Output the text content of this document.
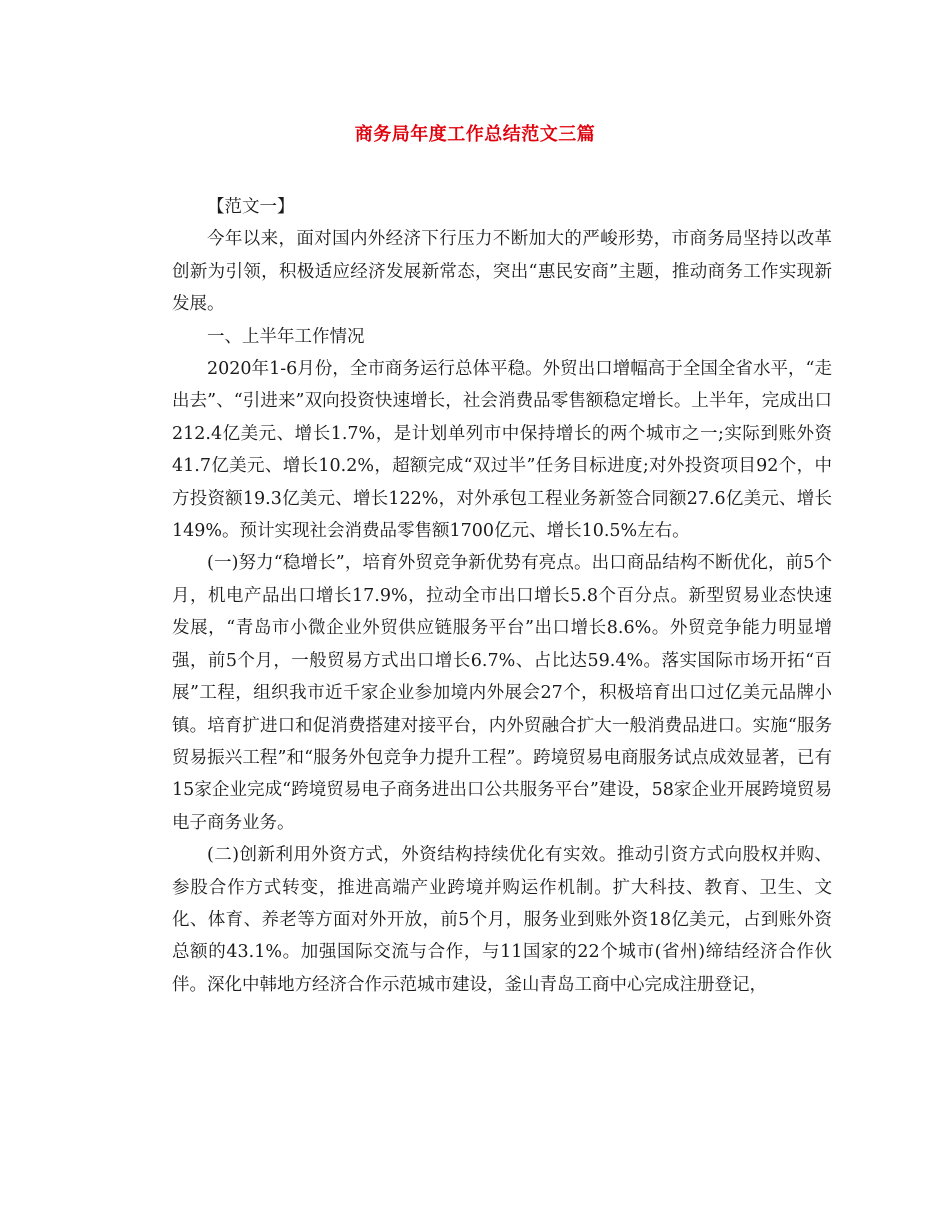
商务局年度工作总结范文三篇

【范文一】

今年以来，面对国内外经济下行压力不断加大的严峻形势，市商务局坚持以改革创新为引领，积极适应经济发展新常态，突出“惠民安商”主题，推动商务工作实现新发展。

一、上半年工作情况

2020年1-6月份，全市商务运行总体平稳。外贸出口增幅高于全国全省水平，“走出去”、“引进来”双向投资快速增长，社会消费品零售额稳定增长。上半年，完成出口212.4亿美元、增长1.7%，是计划单列市中保持增长的两个城市之一;实际到账外资41.7亿美元、增长10.2%，超额完成“双过半”任务目标进度;对外投资项目92个，中方投资额19.3亿美元、增长122%，对外承包工程业务新签合同额27.6亿美元、增长149%。预计实现社会消费品零售额1700亿元、增长10.5%左右。

(一)努力“稳增长”，培育外贸竞争新优势有亮点。出口商品结构不断优化，前5个月，机电产品出口增长17.9%，拉动全市出口增长5.8个百分点。新型贸易业态快速发展，“青岛市小微企业外贸供应链服务平台”出口增长8.6%。外贸竞争能力明显增强，前5个月，一般贸易方式出口增长6.7%、占比达59.4%。落实国际市场开拓“百展”工程，组织我市近千家企业参加境内外展会27个，积极培育出口过亿美元品牌小镇。培育扩进口和促消费搭建对接平台，内外贸融合扩大一般消费品进口。实施“服务贸易振兴工程”和“服务外包竞争力提升工程”。跨境贸易电商服务试点成效显著，已有15家企业完成“跨境贸易电子商务进出口公共服务平台”建设，58家企业开展跨境贸易电子商务业务。

(二)创新利用外资方式，外资结构持续优化有实效。推动引资方式向股权并购、参股合作方式转变，推进高端产业跨境并购运作机制。扩大科技、教育、卫生、文化、体育、养老等方面对外开放，前5个月，服务业到账外资18亿美元，占到账外资总额的43.1%。加强国际交流与合作，与11国家的22个城市(省州)缔结经济合作伙伴。深化中韩地方经济合作示范城市建设，釜山青岛工商中心完成注册登记，
